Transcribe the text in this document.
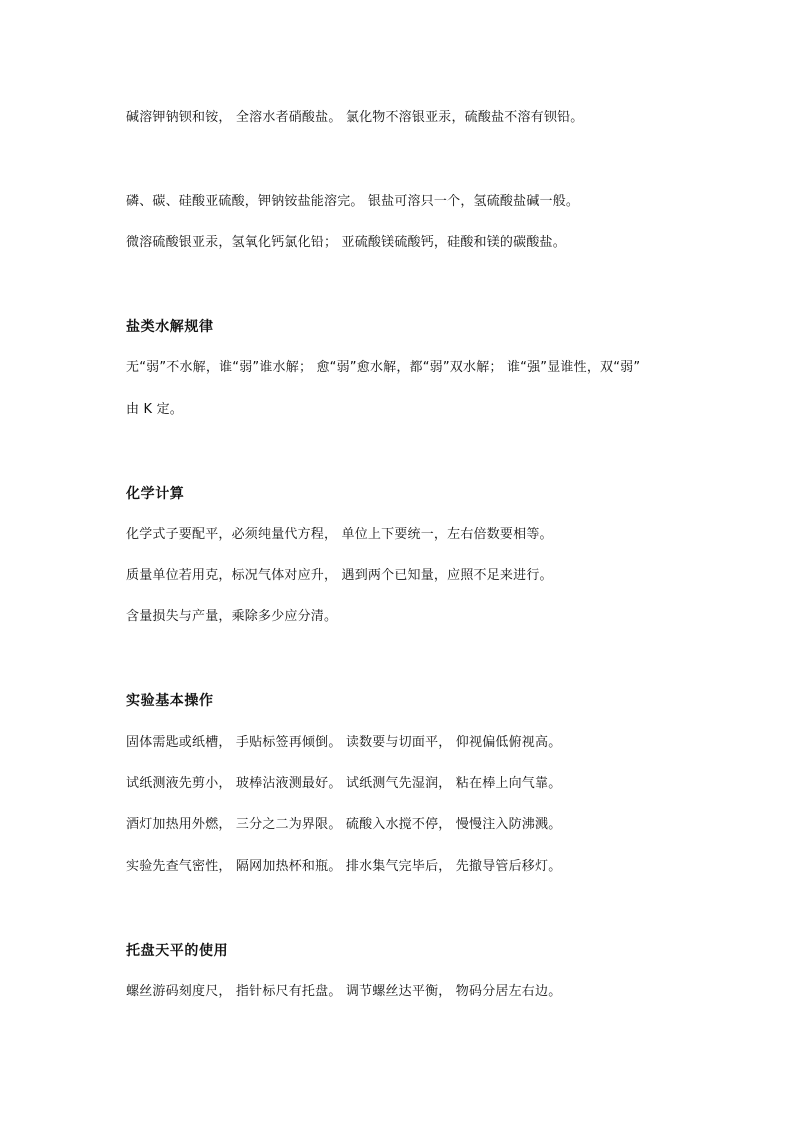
碱溶钾钠钡和铵， 全溶水者硝酸盐。 氯化物不溶银亚汞，硫酸盐不溶有钡铅。
磷、碳、硅酸亚硫酸，钾钠铵盐能溶完。 银盐可溶只一个，氢硫酸盐碱一般。
微溶硫酸银亚汞，氢氧化钙氯化铅； 亚硫酸镁硫酸钙，硅酸和镁的碳酸盐。
盐类水解规律
无“弱”不水解，谁“弱”谁水解； 愈“弱”愈水解，都“弱”双水解； 谁“强”显谁性，双“弱”
由 K 定。
化学计算
化学式子要配平，必须纯量代方程， 单位上下要统一，左右倍数要相等。
质量单位若用克，标况气体对应升， 遇到两个已知量，应照不足来进行。
含量损失与产量，乘除多少应分清。
实验基本操作
固体需匙或纸槽， 手贴标签再倾倒。 读数要与切面平， 仰视偏低俯视高。
试纸测液先剪小， 玻棒沾液测最好。 试纸测气先湿润， 粘在棒上向气靠。
酒灯加热用外燃， 三分之二为界限。 硫酸入水搅不停， 慢慢注入防沸溅。
实验先查气密性， 隔网加热杯和瓶。 排水集气完毕后， 先撤导管后移灯。
托盘天平的使用
螺丝游码刻度尺， 指针标尺有托盘。 调节螺丝达平衡， 物码分居左右边。
